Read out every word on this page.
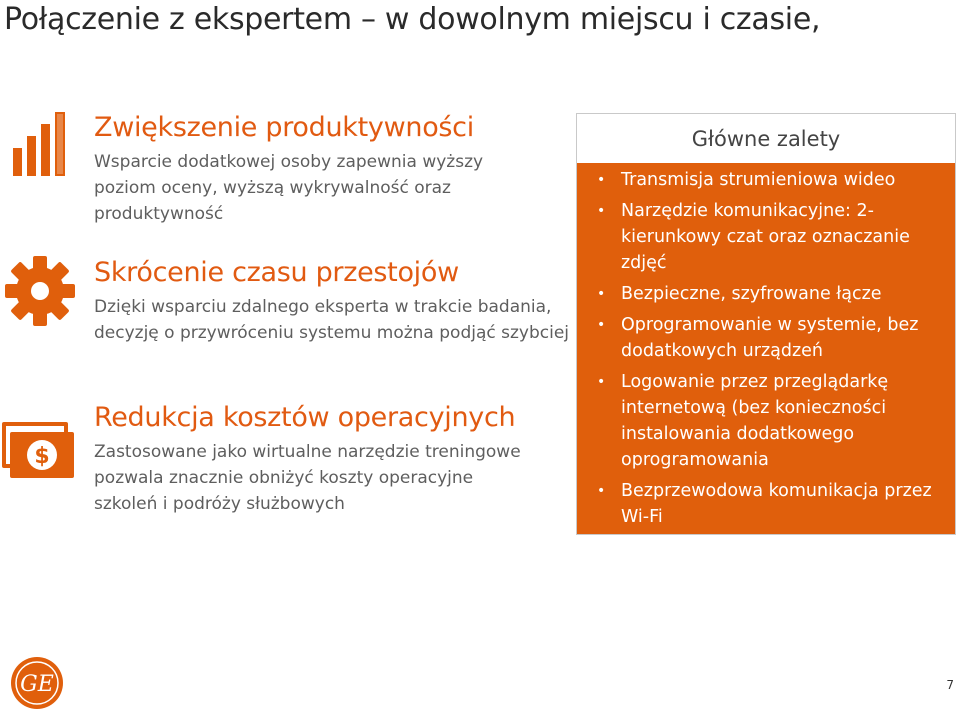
Połączenie z ekspertem – w dowolnym miejscu i czasie,
$
Zwiększenie produktywności

Wsparcie dodatkowej osoby zapewnia wyższy poziom oceny, wyższą wykrywalność oraz produktywność

Skrócenie czasu przestojów

Dzięki wsparciu zdalnego eksperta w trakcie badania, decyzję o przywróceniu systemu można podjąć szybciej

Redukcja kosztów operacyjnych

Zastosowane jako wirtualne narzędzie treningowe pozwala znacznie obniżyć koszty operacyjne szkoleń i podróży służbowych

Główne zalety
• Transmisja strumieniowa wideo
• Narzędzie komunikacyjne: 2-kierunkowy czat oraz oznaczanie zdjęć
• Bezpieczne, szyfrowane łącze
• Oprogramowanie w systemie, bez dodatkowych urządzeń
• Logowanie przez przeglądarkę internetową (bez konieczności instalowania dodatkowego oprogramowania
• Bezprzewodowa komunikacja przez Wi-Fi
GE	7
